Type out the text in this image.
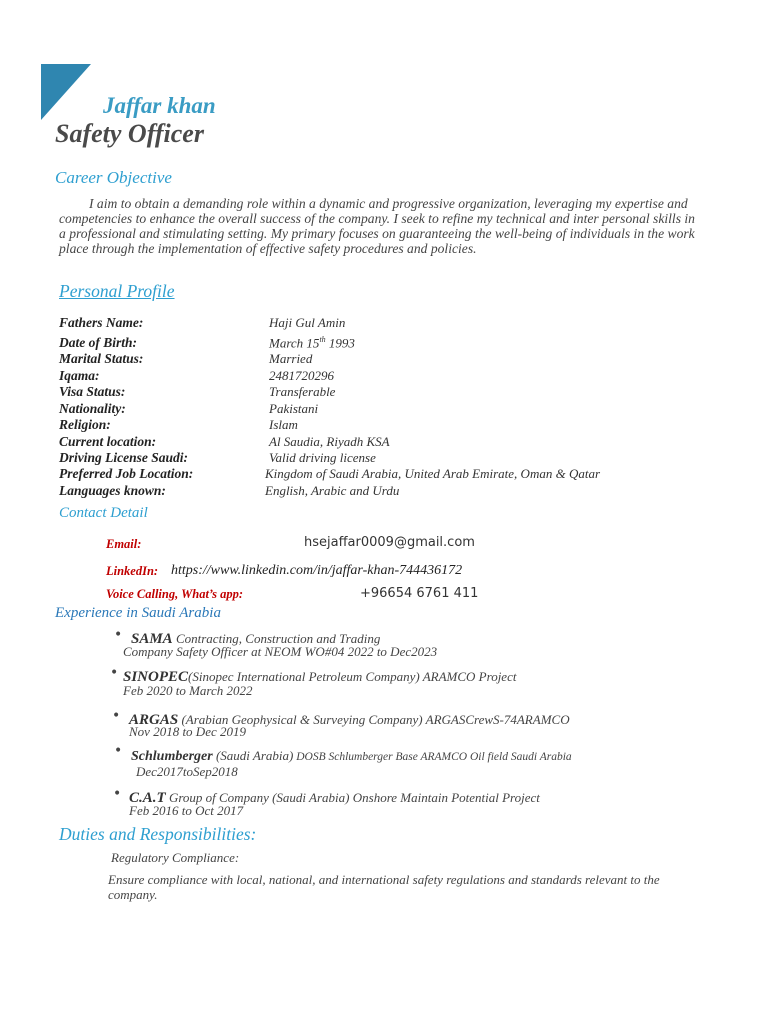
Jaffar khan
Safety Officer
Career Objective
I aim to obtain a demanding role within a dynamic and progressive organization, leveraging my expertise and competencies to enhance the overall success of the company. I seek to refine my technical and inter personal skills in a professional and stimulating setting. My primary focuses on guaranteeing the well-being of individuals in the work place through the implementation of effective safety procedures and policies.
Personal Profile
Fathers Name:	Haji Gul Amin
Date of Birth:	March 15th 1993
Marital Status:	Married
Iqama:	2481720296
Visa Status:	Transferable
Nationality:	Pakistani
Religion:	Islam
Current location:	Al Saudia, Riyadh KSA
Driving License Saudi:	Valid driving license
Preferred Job Location:	Kingdom of Saudi Arabia, United Arab Emirate, Oman & Qatar
Languages known:	English, Arabic and Urdu
Contact Detail
Email:	hsejaffar0009@gmail.com
LinkedIn: https://www.linkedin.com/in/jaffar-khan-744436172
Voice Calling, What’s app:	+96654 6761 411
Experience in Saudi Arabia
• SAMA Contracting, Construction and Trading
Company Safety Officer at NEOM WO#04 2022 to Dec2023
• SINOPEC(Sinopec International Petroleum Company) ARAMCO Project
Feb 2020 to March 2022
• ARGAS (Arabian Geophysical & Surveying Company) ARGASCrewS-74ARAMCO
Nov 2018 to Dec 2019
• Schlumberger (Saudi Arabia) DOSB Schlumberger Base ARAMCO Oil field Saudi Arabia
Dec2017toSep2018
• C.A.T Group of Company (Saudi Arabia) Onshore Maintain Potential Project
Feb 2016 to Oct 2017
Duties and Responsibilities:
Regulatory Compliance:
Ensure compliance with local, national, and international safety regulations and standards relevant to the company.
